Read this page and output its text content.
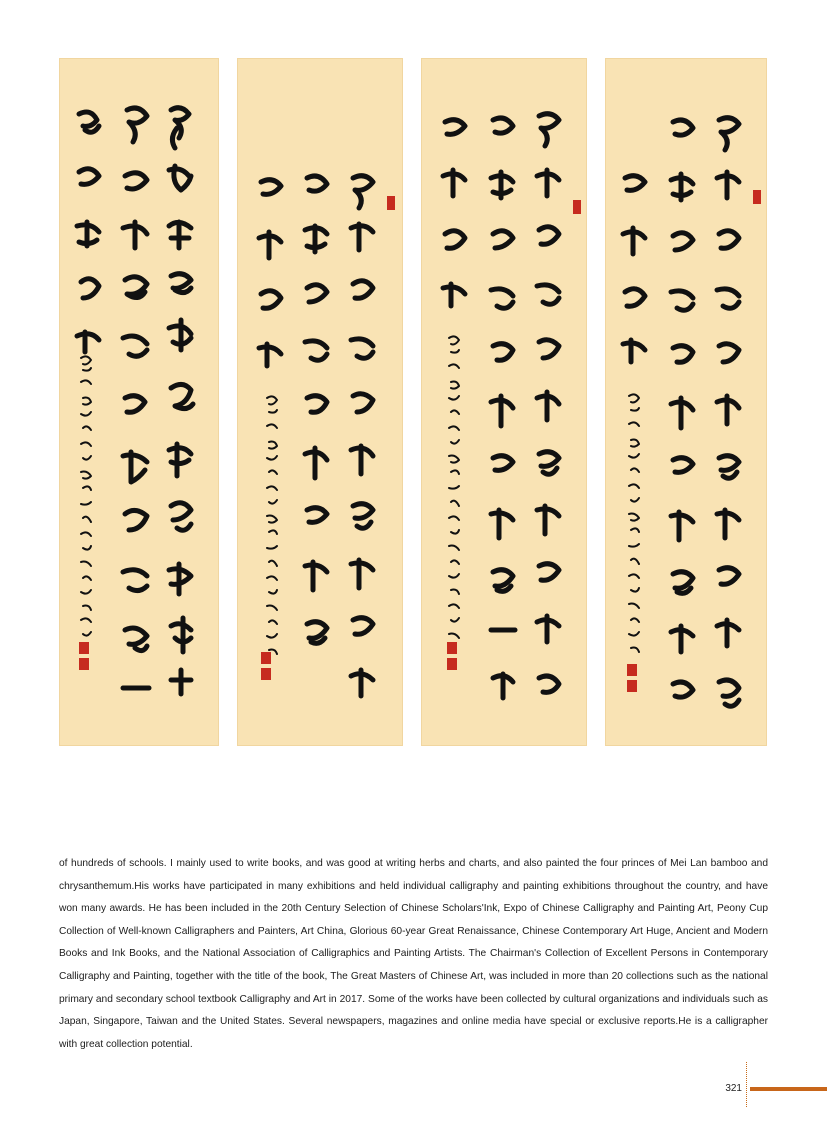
of hundreds of schools. I mainly used to write books, and was good at writing herbs and charts, and also painted the four princes of Mei Lan bamboo and chrysanthemum.His works have participated in many exhibitions and held individual calligraphy and painting exhibitions throughout the country, and have won many awards. He has been included in the 20th Century Selection of Chinese Scholars'Ink, Expo of Chinese Calligraphy and Painting Art, Peony Cup Collection of Well-known Calligraphers and Painters, Art China, Glorious 60-year Great Renaissance, Chinese Contemporary Art Huge, Ancient and Modern Books and Ink Books, and the National Association of Calligraphics and Painting Artists. The Chairman's Collection of Excellent Persons in Contemporary Calligraphy and Painting, together with the title of the book, The Great Masters of Chinese Art, was included in more than 20 collections such as the national primary and secondary school textbook Calligraphy and Art in 2017. Some of the works have been collected by cultural organizations and individuals such as Japan, Singapore, Taiwan and the United States. Several newspapers, magazines and online media have special or exclusive reports.He is a calligrapher with great collection potential.

321
